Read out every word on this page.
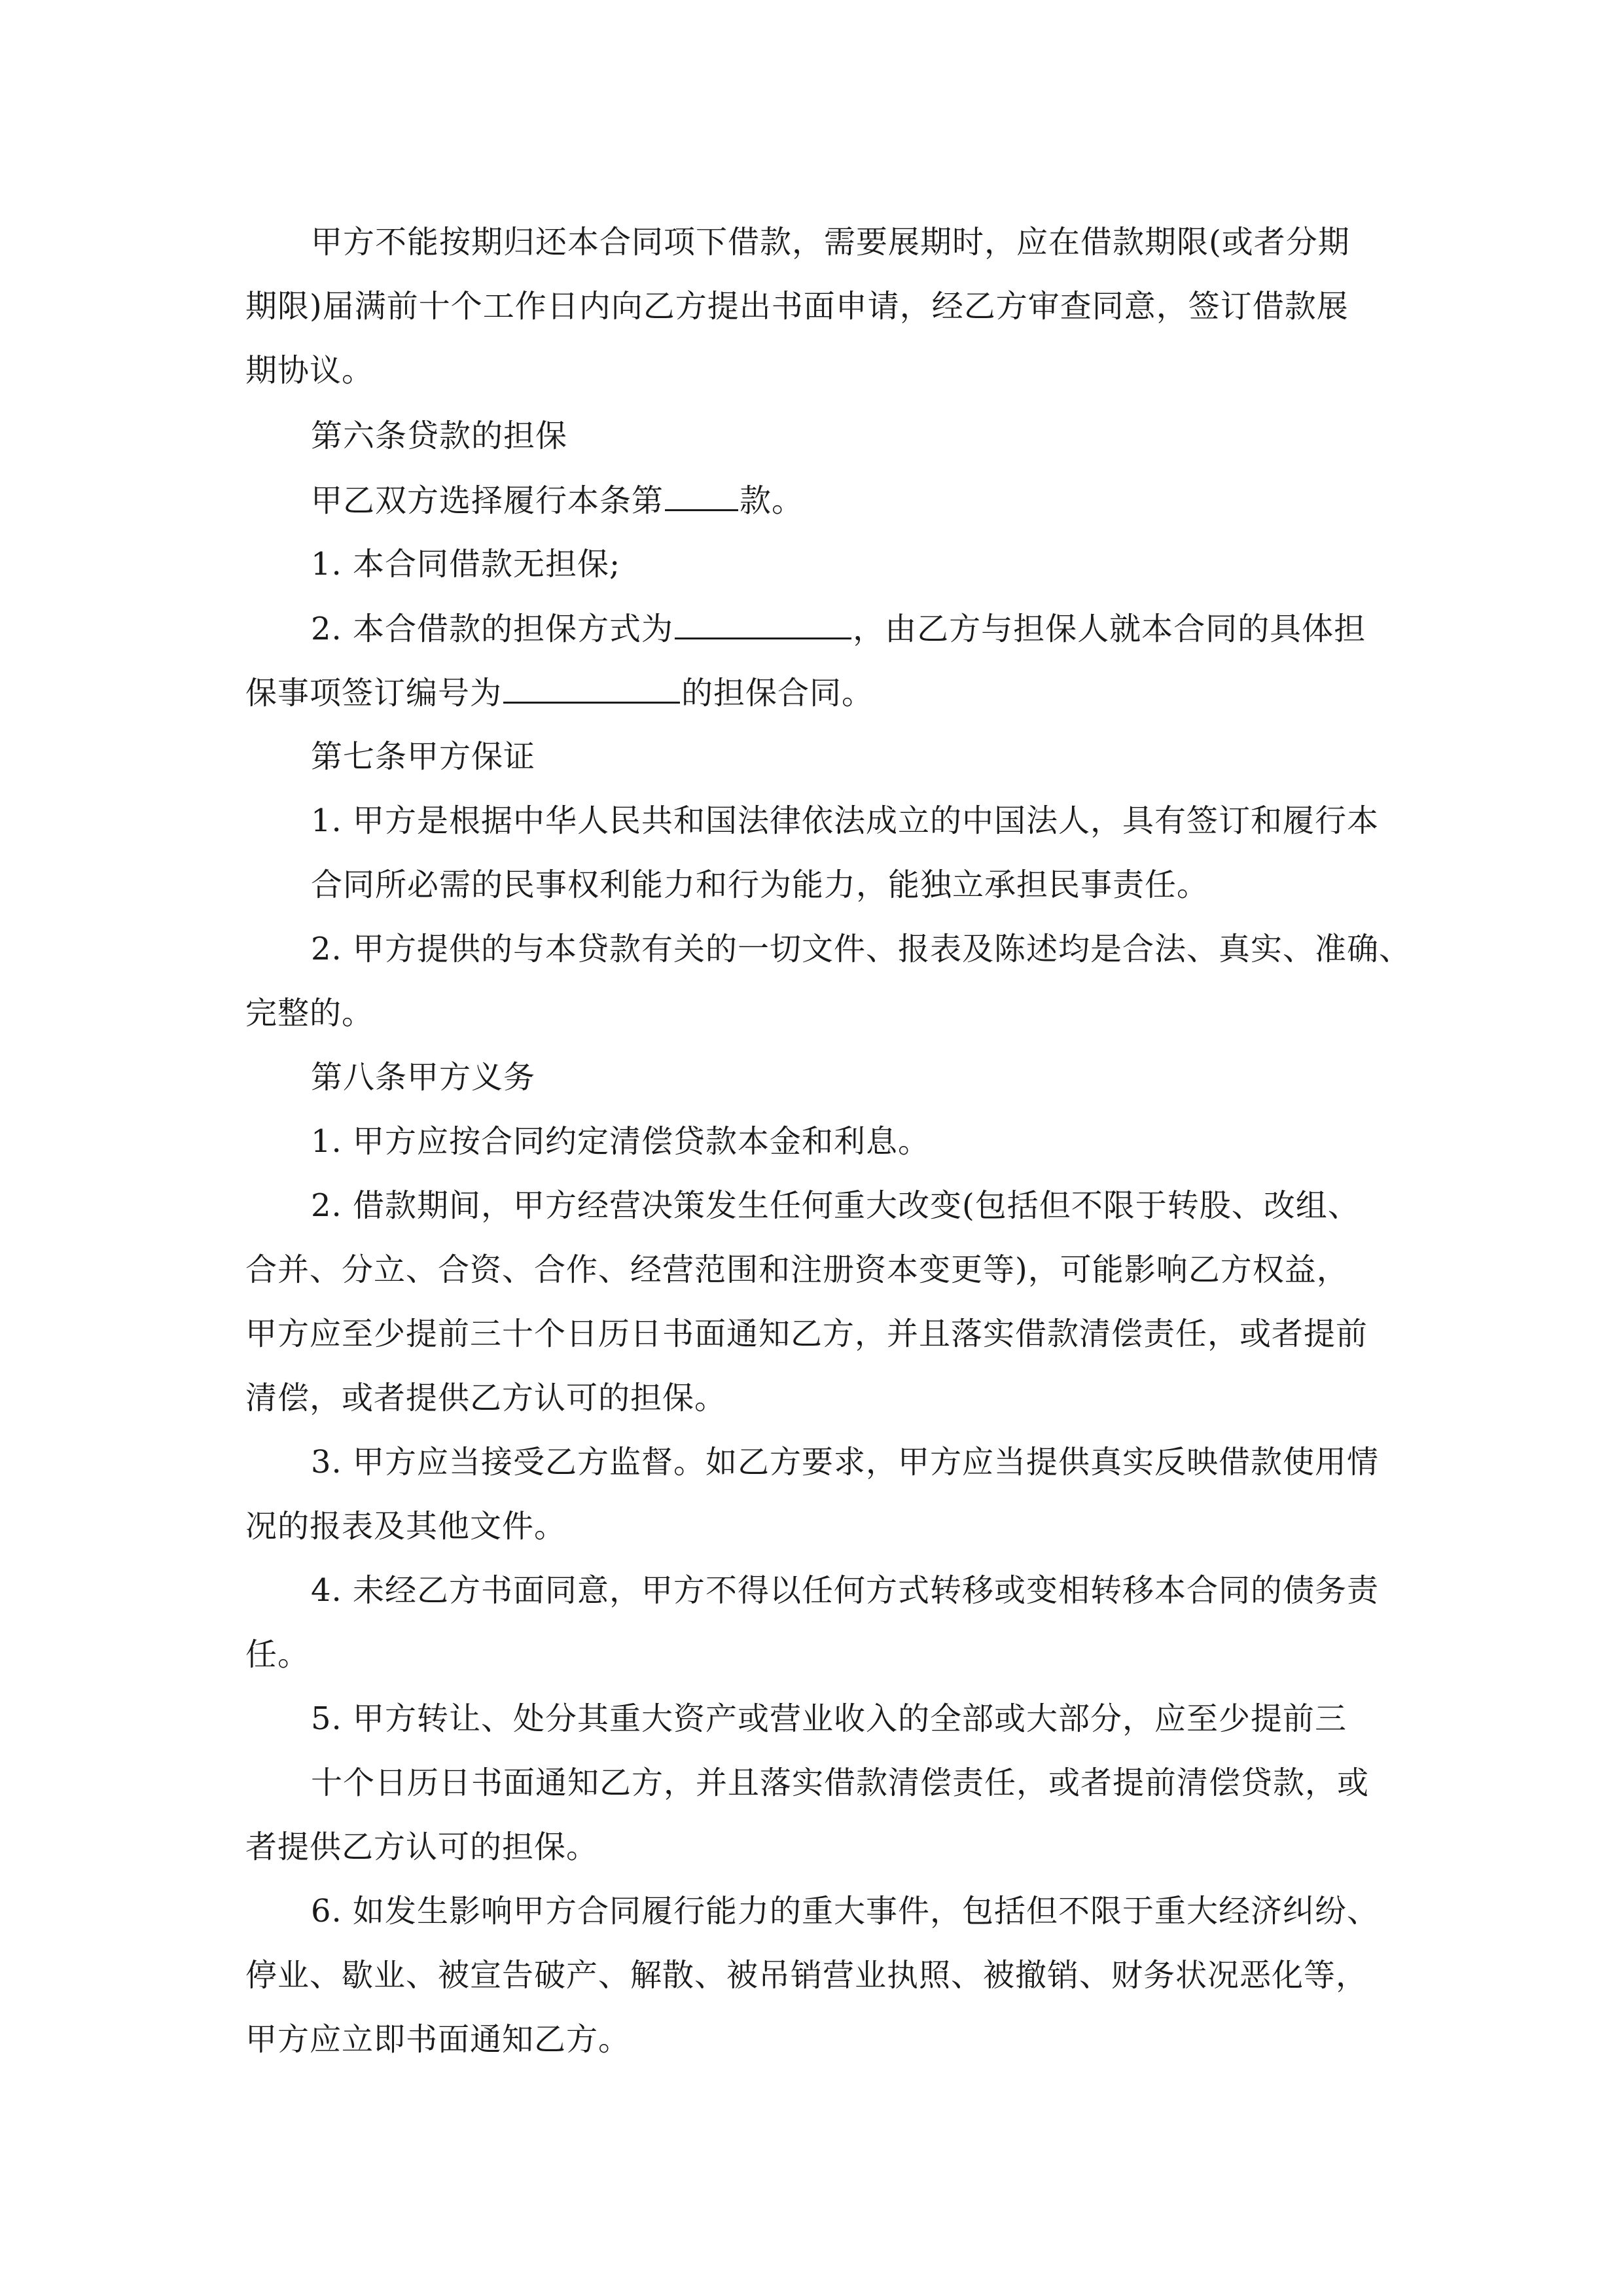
甲方不能按期归还本合同项下借款，需要展期时，应在借款期限(或者分期
期限)届满前十个工作日内向乙方提出书面申请，经乙方审查同意，签订借款展
期协议。
第六条贷款的担保
甲乙双方选择履行本条第 款。
1. 本合同借款无担保;
2. 本合借款的担保方式为	，由乙方与担保人就本合同的具体担
保事项签订编号为	的担保合同。
第七条甲方保证
1. 甲方是根据中华人民共和国法律依法成立的中国法人，具有签订和履行本
合同所必需的民事权利能力和行为能力，能独立承担民事责任。
2. 甲方提供的与本贷款有关的一切文件、报表及陈述均是合法、真实、准确、
完整的。
第八条甲方义务
1. 甲方应按合同约定清偿贷款本金和利息。
2. 借款期间，甲方经营决策发生任何重大改变(包括但不限于转股、改组、
合并、分立、合资、合作、经营范围和注册资本变更等)，可能影响乙方权益，
甲方应至少提前三十个日历日书面通知乙方，并且落实借款清偿责任，或者提前
清偿，或者提供乙方认可的担保。
3. 甲方应当接受乙方监督。如乙方要求，甲方应当提供真实反映借款使用情
况的报表及其他文件。
4. 未经乙方书面同意，甲方不得以任何方式转移或变相转移本合同的债务责
任。
5. 甲方转让、处分其重大资产或营业收入的全部或大部分，应至少提前三
十个日历日书面通知乙方，并且落实借款清偿责任，或者提前清偿贷款，或
者提供乙方认可的担保。
6. 如发生影响甲方合同履行能力的重大事件，包括但不限于重大经济纠纷、
停业、歇业、被宣告破产、解散、被吊销营业执照、被撤销、财务状况恶化等，
甲方应立即书面通知乙方。
